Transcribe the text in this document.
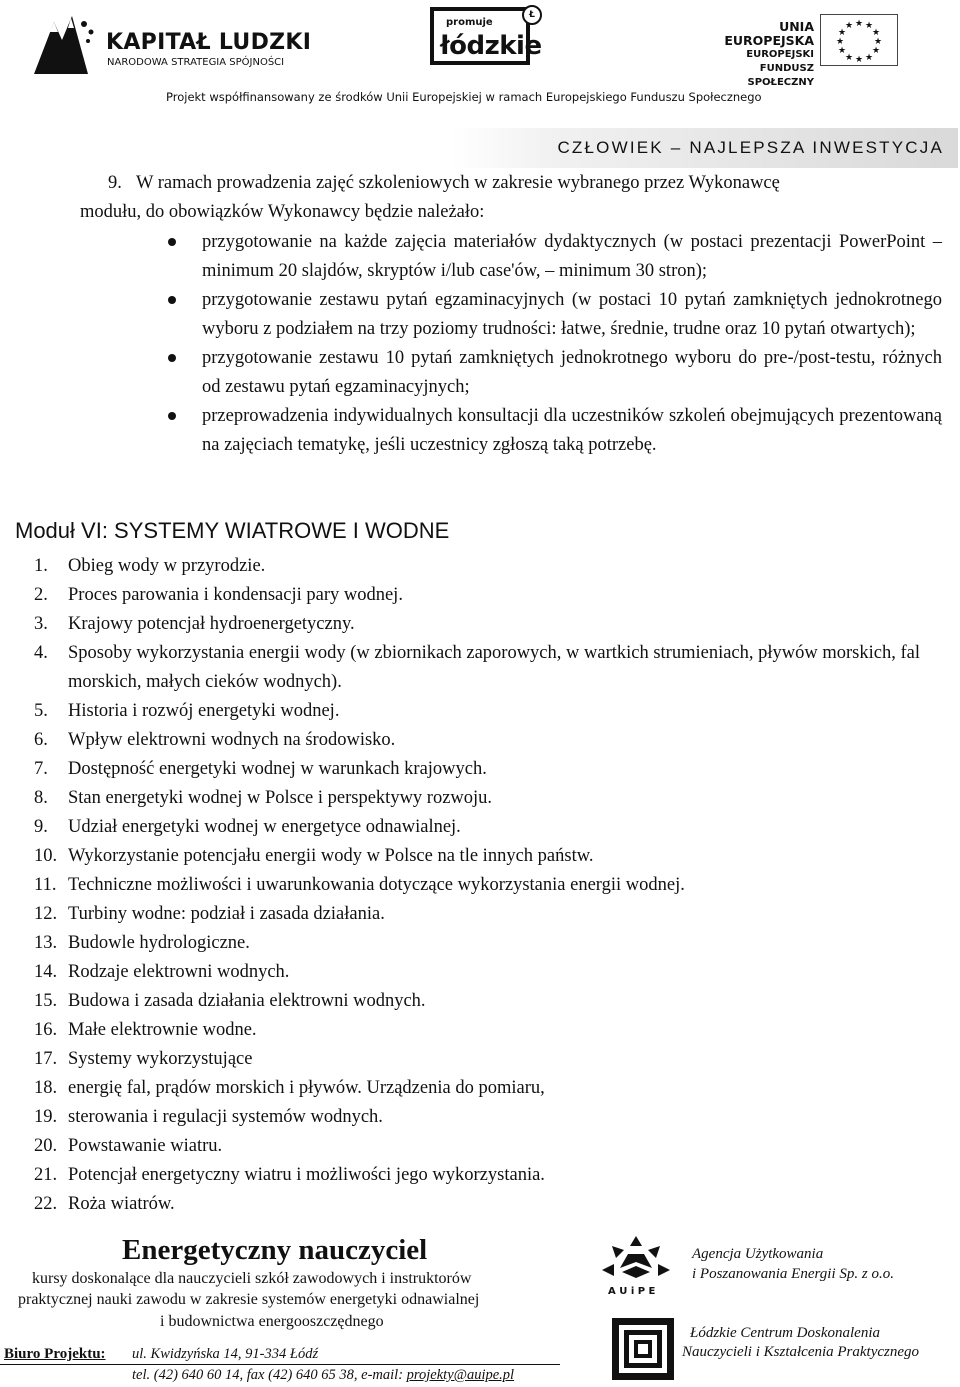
KAPITAŁ LUDZKI
NARODOWA STRATEGIA SPÓJNOŚCI
promuje
łódzkie
Ł
UNIA EUROPEJSKA
EUROPEJSKI
FUNDUSZ SPOŁECZNY
★ ★
★
★
★
★
★
★
★
★
★
★
Projekt współfinansowany ze środków Unii Europejskiej w ramach Europejskiego Funduszu Społecznego
CZŁOWIEK – NAJLEPSZA INWESTYCJA
9. W ramach prowadzenia zajęć szkoleniowych w zakresie wybranego przez Wykonawcę
modułu, do obowiązków Wykonawcy będzie należało:
przygotowanie na każde zajęcia materiałów dydaktycznych (w postaci prezentacji PowerPoint – minimum 20 slajdów, skryptów i/lub case'ów, – minimum 30 stron);
przygotowanie zestawu pytań egzaminacyjnych (w postaci 10 pytań zamkniętych jednokrotnego wyboru z podziałem na trzy poziomy trudności: łatwe, średnie, trudne oraz 10 pytań otwartych);
przygotowanie zestawu 10 pytań zamkniętych jednokrotnego wyboru do pre-/post-testu, różnych od zestawu pytań egzaminacyjnych;
przeprowadzenia indywidualnych konsultacji dla uczestników szkoleń obejmujących prezentowaną na zajęciach tematykę, jeśli uczestnicy zgłoszą taką potrzebę.
Moduł VI: SYSTEMY WIATROWE I WODNE
1. Obieg wody w przyrodzie.
2. Proces parowania i kondensacji pary wodnej.
3. Krajowy potencjał hydroenergetyczny.
4. Sposoby wykorzystania energii wody (w zbiornikach zaporowych, w wartkich strumieniach, pływów morskich, fal morskich, małych cieków wodnych).
5. Historia i rozwój energetyki wodnej.
6. Wpływ elektrowni wodnych na środowisko.
7. Dostępność energetyki wodnej w warunkach krajowych.
8. Stan energetyki wodnej w Polsce i perspektywy rozwoju.
9. Udział energetyki wodnej w energetyce odnawialnej.
10. Wykorzystanie potencjału energii wody w Polsce na tle innych państw.
11. Techniczne możliwości i uwarunkowania dotyczące wykorzystania energii wodnej.
12. Turbiny wodne: podział i zasada działania.
13. Budowle hydrologiczne.
14. Rodzaje elektrowni wodnych.
15. Budowa i zasada działania elektrowni wodnych.
16. Małe elektrownie wodne.
17. Systemy wykorzystujące
18. energię fal, prądów morskich i pływów. Urządzenia do pomiaru,
19. sterowania i regulacji systemów wodnych.
20. Powstawanie wiatru.
21. Potencjał energetyczny wiatru i możliwości jego wykorzystania.
22. Roża wiatrów.
Energetyczny nauczyciel
kursy doskonalące dla nauczycieli szkół zawodowych i instruktorów
praktycznej nauki zawodu w zakresie systemów energetyki odnawialnej
i budownictwa energooszczędnego
Biuro Projektu: ul. Kwidzyńska 14, 91-334 Łódź
tel. (42) 640 60 14, fax (42) 640 65 38, e-mail: projekty@auipe.pl
A U i P E
Agencja Użytkowania
i Poszanowania Energii Sp. z o.o.
Łódzkie Centrum Doskonalenia
Nauczycieli i Kształcenia Praktycznego
